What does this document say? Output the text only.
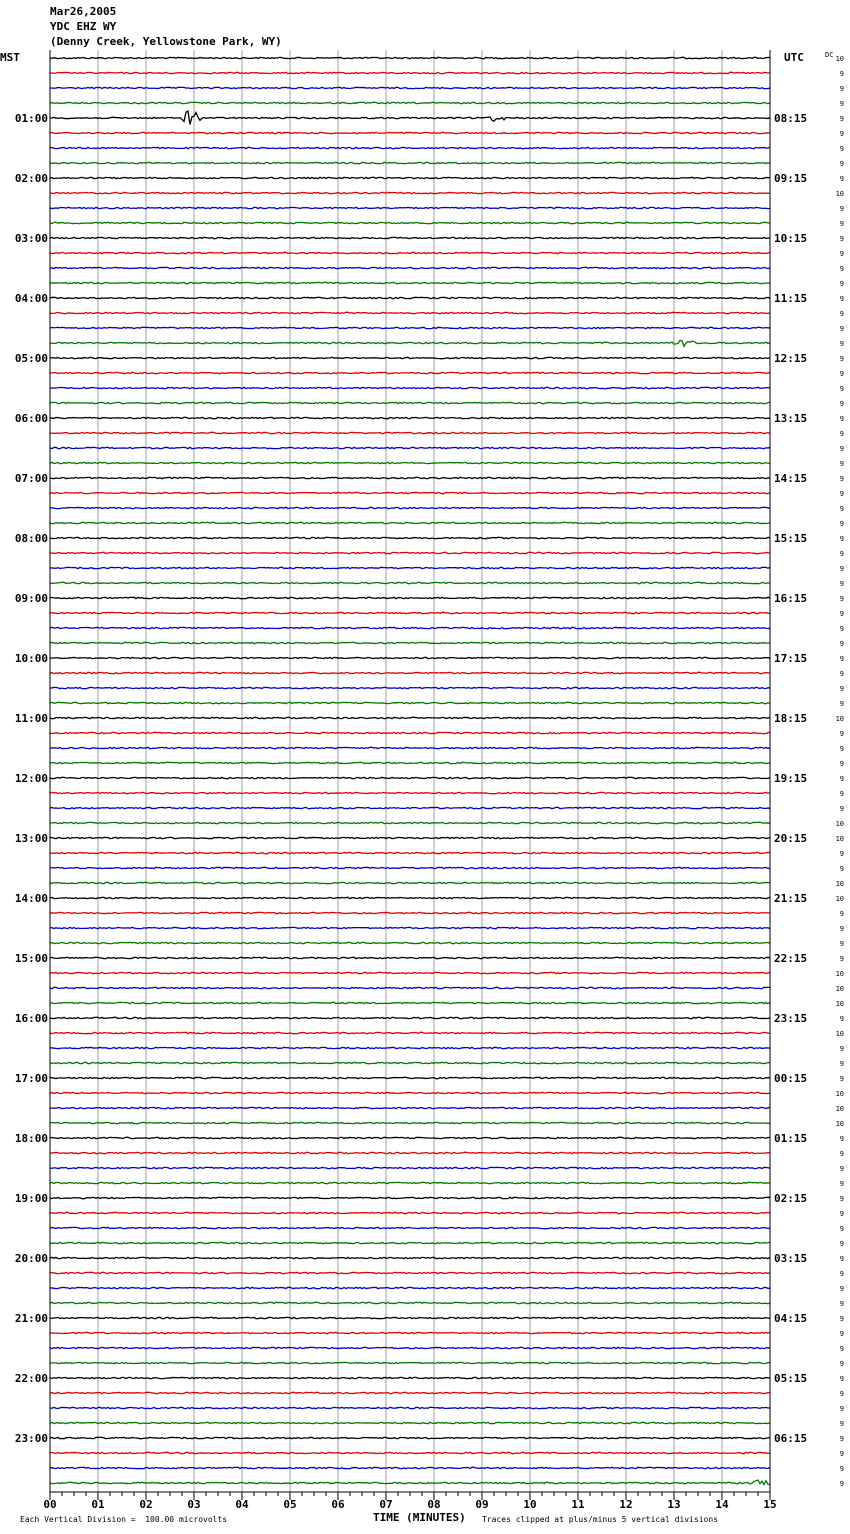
Mar26,2005
YDC EHZ WY
(Denny Creek, Yellowstone Park, WY)
00	01	02	03	04	05	06	07	08	09	10	11	12	13	14	15
MST	UTC	DC
01:00
02:00
03:00
04:00
05:00
06:00
07:00
08:00
09:00
10:00
11:00
12:00
13:00
14:00
15:00
16:00
17:00
18:00
19:00
20:00
21:00
22:00
23:00
08:15
09:15
10:15
11:15
12:15
13:15
14:15
15:15
16:15
17:15
18:15
19:15
20:15
21:15
22:15
23:15
00:15
01:15
02:15
03:15
04:15
05:15
06:15
10
9
9
9
9
9
9
9
9
10
9
9
9
9
9
9
9
9
9
9
9
9
9
9
9
9
9
9
9
9
9
9
9
9
9
9
9
9
9
9
9
9
9
9
10
9
9
9
9
9
9
10
10
9
9
10
10
9
9
9
9
10
10
10
9
10
9
9
9
10
10
10
9
9
9
9
9
9
9
9
9
9
9
9
9
9
9
9
9
9
9
9
9
9
9
9
Each Vertical Division =  100.00 microvolts	TIME (MINUTES) Traces clipped at plus/minus 5 vertical divisions
